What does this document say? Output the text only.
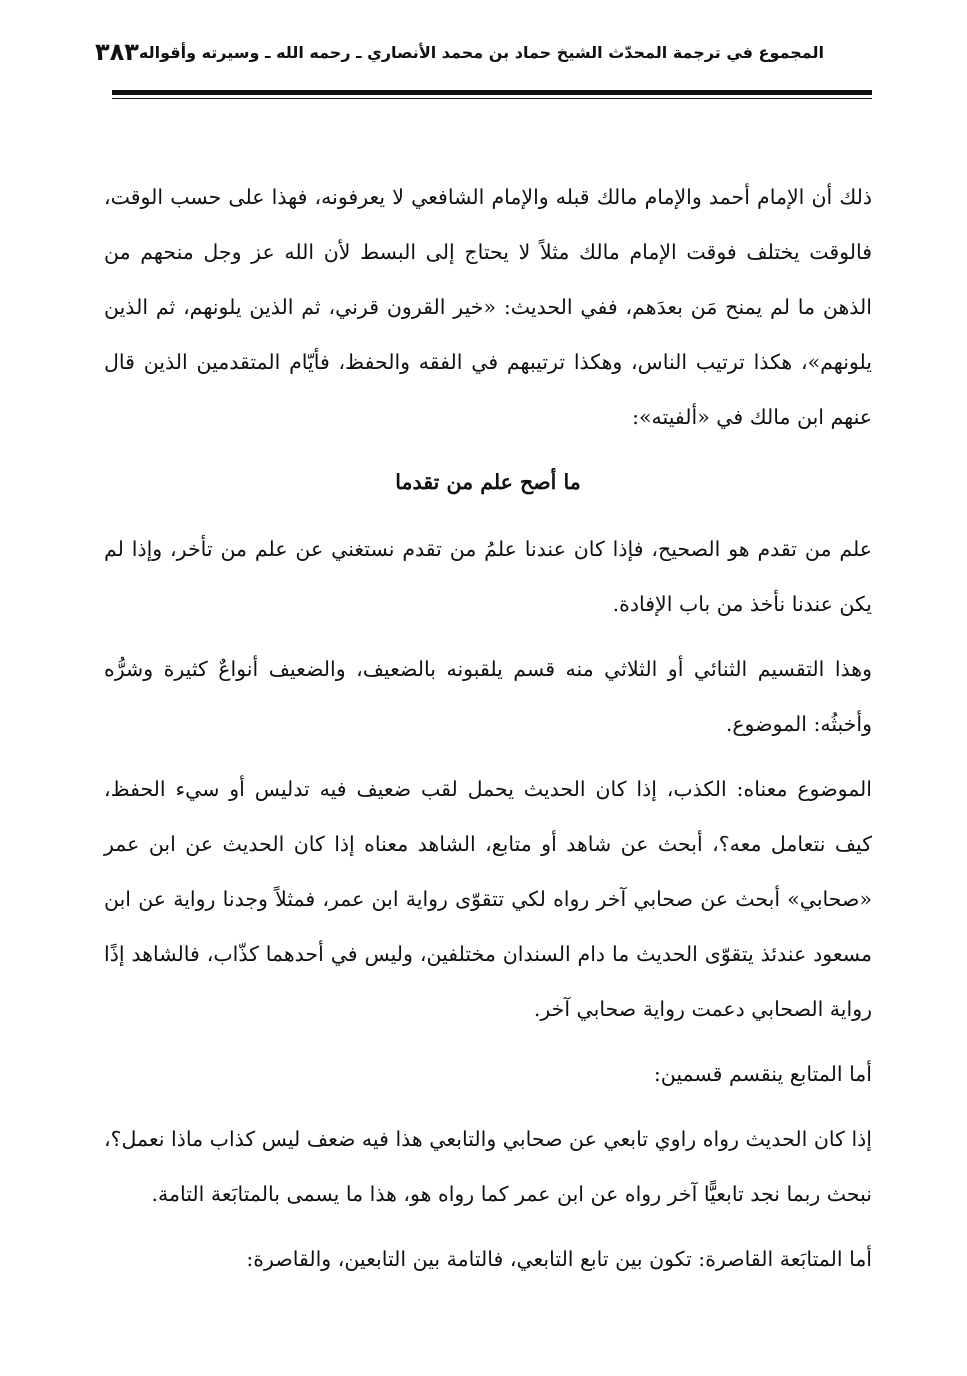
المجموع في ترجمة المحدّث الشيخ حماد بن محمد الأنصاري ـ رحمه الله ـ وسيرته وأقواله
٣٨٣

ذلك أن الإمام أحمد والإمام مالك قبله والإمام الشافعي لا يعرفونه، فهذا على حسب الوقت، فالوقت يختلف فوقت الإمام مالك مثلاً لا يحتاج إلى البسط لأن الله عز وجل منحهم من الذهن ما لم يمنح مَن بعدَهم، ففي الحديث: «خير القرون قرني، ثم الذين يلونهم، ثم الذين يلونهم»، هكذا ترتيب الناس، وهكذا ترتيبهم في الفقه والحفظ، فأيّام المتقدمين الذين قال عنهم ابن مالك في «ألفيته»:

ما أصح علم من تقدما

علم من تقدم هو الصحيح، فإذا كان عندنا علمُ من تقدم نستغني عن علم من تأخر، وإذا لم يكن عندنا نأخذ من باب الإفادة.

وهذا التقسيم الثنائي أو الثلاثي منه قسم يلقبونه بالضعيف، والضعيف أنواعٌ كثيرة وشرُّه وأخبثُه: الموضوع.

الموضوع معناه: الكذب، إذا كان الحديث يحمل لقب ضعيف فيه تدليس أو سيء الحفظ، كيف نتعامل معه؟، أبحث عن شاهد أو متابع، الشاهد معناه إذا كان الحديث عن ابن عمر «صحابي» أبحث عن صحابي آخر رواه لكي تتقوّى رواية ابن عمر، فمثلاً وجدنا رواية عن ابن مسعود عندئذ يتقوّى الحديث ما دام السندان مختلفين، وليس في أحدهما كذّاب، فالشاهد إذًا رواية الصحابي دعمت رواية صحابي آخر.

أما المتابع ينقسم قسمين:

إذا كان الحديث رواه راوي تابعي عن صحابي والتابعي هذا فيه ضعف ليس كذاب ماذا نعمل؟، نبحث ربما نجد تابعيًّا آخر رواه عن ابن عمر كما رواه هو، هذا ما يسمى بالمتابَعة التامة.

أما المتابَعة القاصرة: تكون بين تابع التابعي، فالتامة بين التابعين، والقاصرة:
